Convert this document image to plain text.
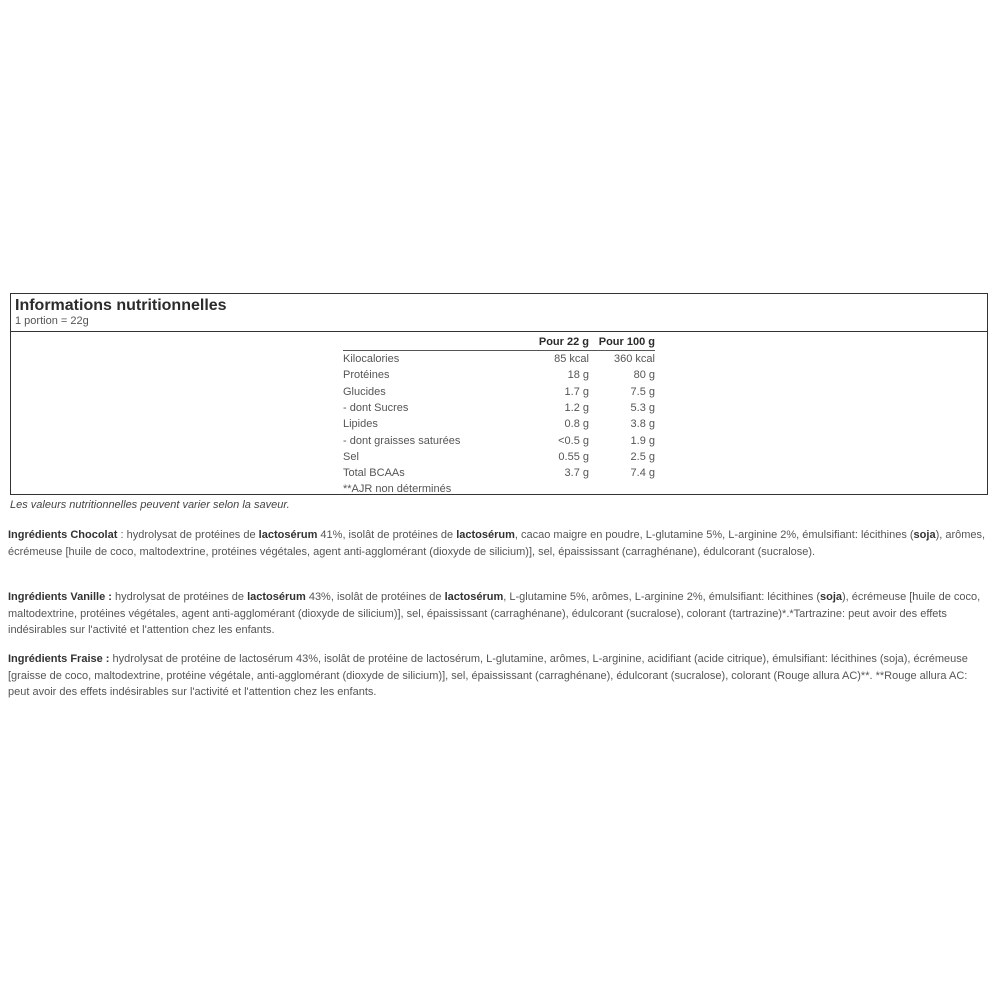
Informations nutritionnelles
1 portion = 22g
	Pour 22 g	Pour 100 g
Kilocalories	85 kcal	360 kcal
Protéines	18 g	80 g
Glucides	1.7 g	7.5 g
- dont Sucres	1.2 g	5.3 g
Lipides	0.8 g	3.8 g
- dont graisses saturées	<0.5 g	1.9 g
Sel	0.55 g	2.5 g
Total BCAAs	3.7 g	7.4 g
**AJR non déterminés		
Les valeurs nutritionnelles peuvent varier selon la saveur.
Ingrédients Chocolat : hydrolysat de protéines de lactosérum 41%, isolât de protéines de lactosérum, cacao maigre en poudre, L-glutamine 5%, L-arginine 2%, émulsifiant: lécithines (soja), arômes, écrémeuse [huile de coco, maltodextrine, protéines végétales, agent anti-agglomérant (dioxyde de silicium)], sel, épaississant (carraghénane), édulcorant (sucralose).
Ingrédients Vanille : hydrolysat de protéines de lactosérum 43%, isolât de protéines de lactosérum, L-glutamine 5%, arômes, L-arginine 2%, émulsifiant: lécithines (soja), écrémeuse [huile de coco, maltodextrine, protéines végétales, agent anti-agglomérant (dioxyde de silicium)], sel, épaississant (carraghénane), édulcorant (sucralose), colorant (tartrazine)*.*Tartrazine: peut avoir des effets indésirables sur l'activité et l'attention chez les enfants.
Ingrédients Fraise : hydrolysat de protéine de lactosérum 43%, isolât de protéine de lactosérum, L-glutamine, arômes, L-arginine, acidifiant (acide citrique), émulsifiant: lécithines (soja), écrémeuse [graisse de coco, maltodextrine, protéine végétale, anti-agglomérant (dioxyde de silicium)], sel, épaississant (carraghénane), édulcorant (sucralose), colorant (Rouge allura AC)**. **Rouge allura AC: peut avoir des effets indésirables sur l'activité et l'attention chez les enfants.
